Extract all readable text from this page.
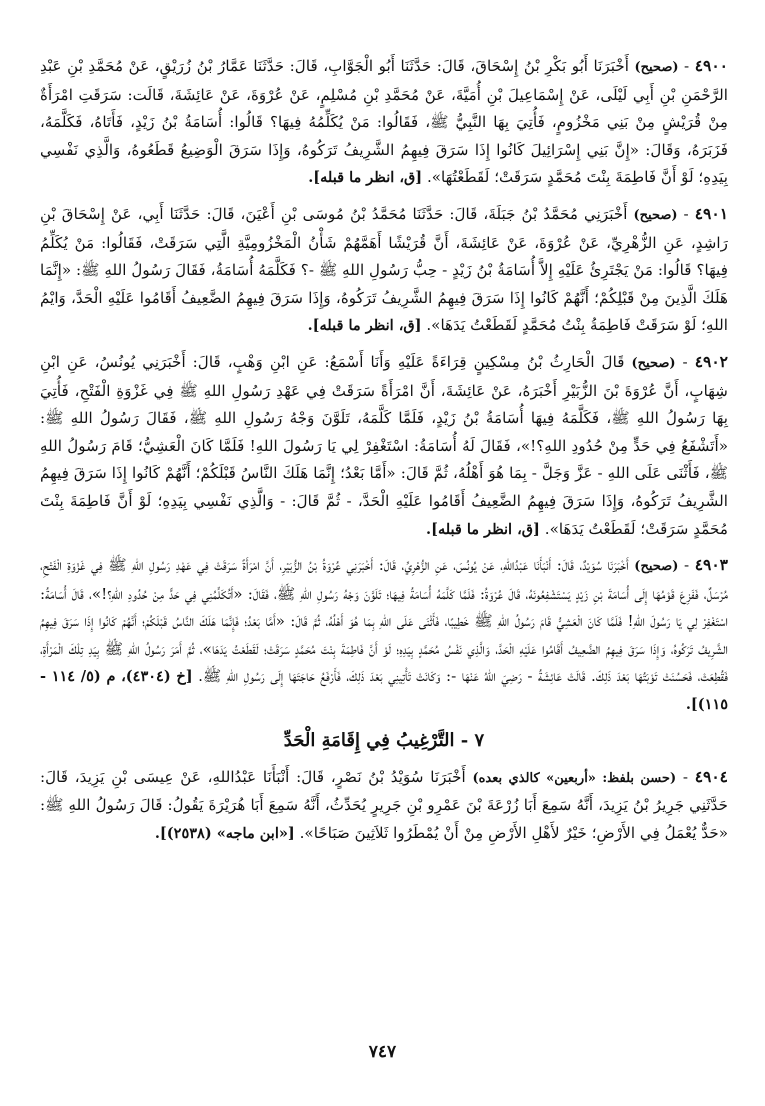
٤٩٠٠ - (صحيح) أَخْبَرَنَا أَبُو بَكْرِ بْنُ إِسْحَاقَ، قَالَ: حَدَّثَنَا أَبُو الْجَوَّابِ، قَالَ: حَدَّثَنَا عَمَّارُ بْنُ زُرَيْقٍ، عَنْ مُحَمَّدِ بْنِ عَبْدِ الرَّحْمَنِ بْنِ أَبِي لَيْلَى، عَنْ إِسْمَاعِيلَ بْنِ أُمَيَّةَ، عَنْ مُحَمَّدِ بْنِ مُسْلِمٍ، عَنْ عُرْوَةَ، عَنْ عَائِشَةَ، قَالَت: سَرَقَتِ امْرَأَةٌ مِنْ قُرَيْشٍ مِنْ بَنِي مَخْزُومٍ، فَأُتِيَ بِهَا النَّبِيُّ ﷺ، فَقَالُوا: مَنْ يُكَلِّمُهُ فِيهَا؟ قَالُوا: أُسَامَةُ بْنُ زَيْدٍ، فَأَتَاهُ، فَكَلَّمَهُ، فَزَبَرَهُ، وَقَالَ: «إِنَّ بَنِي إِسْرَائِيلَ كَانُوا إِذَا سَرَقَ فِيهِمُ الشَّرِيفُ تَرَكُوهُ، وَإِذَا سَرَقَ الْوَضِيعُ قَطَعُوهُ، وَالَّذِي نَفْسِي بِيَدِهِ؛ لَوْ أَنَّ فَاطِمَةَ بِنْتَ مُحَمَّدٍ سَرَقَتْ؛ لَقَطَعْتُهَا». [ق، انظر ما قبله].

٤٩٠١ - (صحيح) أَخْبَرَنِي مُحَمَّدُ بْنُ جَبَلَةَ، قَالَ: حَدَّثَنَا مُحَمَّدُ بْنُ مُوسَى بْنِ أَعْيَنَ، قَالَ: حَدَّثَنَا أَبِي، عَنْ إِسْحَاقَ بْنِ رَاشِدٍ، عَنِ الزُّهْرِيِّ، عَنْ عُرْوَةَ، عَنْ عَائِشَةَ، أَنَّ قُرَيْشًا أَهَمَّهُمْ شَأْنُ الْمَخْزُومِيَّةِ الَّتِي سَرَقَتْ، فَقَالُوا: مَنْ يُكَلِّمُ فِيهَا؟ قَالُوا: مَنْ يَجْتَرِئُ عَلَيْهِ إِلاَّ أُسَامَةُ بْنُ زَيْدٍ - حِبُّ رَسُولِ اللهِ ﷺ -؟ فَكَلَّمَهُ أُسَامَةُ، فَقَالَ رَسُولُ اللهِ ﷺ: «إِنَّمَا هَلَكَ الَّذِينَ مِنْ قَبْلِكُمْ؛ أَنَّهُمْ كَانُوا إِذَا سَرَقَ فِيهِمُ الشَّرِيفُ تَرَكُوهُ، وَإِذَا سَرَقَ فِيهِمُ الضَّعِيفُ أَقَامُوا عَلَيْهِ الْحَدَّ، وَايْمُ اللهِ؛ لَوْ سَرَقَتْ فَاطِمَةُ بِنْتُ مُحَمَّدٍ لَقَطَعْتُ يَدَهَا». [ق، انظر ما قبله].

٤٩٠٢ - (صحيح) قَالَ الْحَارِثُ بْنُ مِسْكِينٍ قِرَاءَةً عَلَيْهِ وَأَنَا أَسْمَعُ: عَنِ ابْنِ وَهْبٍ، قَالَ: أَخْبَرَنِي يُونُسُ، عَنِ ابْنِ شِهَابٍ، أَنَّ عُرْوَةَ بْنَ الزُّبَيْرِ أَخْبَرَهُ، عَنْ عَائِشَةَ، أَنَّ امْرَأَةً سَرَقَتْ فِي عَهْدِ رَسُولِ اللهِ ﷺ فِي غَزْوَةِ الْفَتْحِ، فَأُتِيَ بِهَا رَسُولُ اللهِ ﷺ، فَكَلَّمَهُ فِيهَا أُسَامَةُ بْنُ زَيْدٍ، فَلَمَّا كَلَّمَهُ، تَلَوَّنَ وَجْهُ رَسُولِ اللهِ ﷺ، فَقَالَ رَسُولُ اللهِ ﷺ: «أَتَشْفَعُ فِي حَدٍّ مِنْ حُدُودِ اللهِ؟!»، فَقَالَ لَهُ أُسَامَةُ: اسْتَغْفِرْ لِي يَا رَسُولَ اللهِ! فَلَمَّا كَانَ الْعَشِيُّ؛ قَامَ رَسُولُ اللهِ ﷺ، فَأَثْنَى عَلَى اللهِ - عَزَّ وَجَلَّ - بِمَا هُوَ أَهْلُهُ، ثُمَّ قَالَ: «أَمَّا بَعْدُ؛ إِنَّمَا هَلَكَ النَّاسُ قَبْلَكُمْ؛ أَنَّهُمْ كَانُوا إِذَا سَرَقَ فِيهِمُ الشَّرِيفُ تَرَكُوهُ، وَإِذَا سَرَقَ فِيهِمُ الضَّعِيفُ أَقَامُوا عَلَيْهِ الْحَدَّ، - ثُمَّ قَالَ: - وَالَّذِي نَفْسِي بِيَدِهِ؛ لَوْ أَنَّ فَاطِمَةَ بِنْتَ مُحَمَّدٍ سَرَقَتْ؛ لَقَطَعْتُ يَدَهَا». [ق، انظر ما قبله].

٤٩٠٣ - (صحيح) أَخْبَرَنَا سُوَيْدٌ، قَالَ: أَنْبَأَنَا عَبْدُاللهِ، عَنْ يُونُسَ، عَنِ الزُّهْرِيِّ، قَالَ: أَخْبَرَنِي عُرْوَةُ بْنُ الزُّبَيْرِ، أَنَّ امْرَأَةً سَرَقَتْ فِي عَهْدِ رَسُولِ اللهِ ﷺ فِي غَزْوَةِ الْفَتْحِ، مُرْسَلٌ، فَفَزِعَ قَوْمُهَا إِلَى أُسَامَةَ بْنِ زَيْدٍ يَسْتَشْفِعُونَهُ، قَالَ عُرْوَةُ: فَلَمَّا كَلَّمَهُ أُسَامَةُ فِيهَا؛ تَلَوَّنَ وَجْهُ رَسُولِ اللهِ ﷺ، فَقَالَ: «أَتُكَلِّمُنِي فِي حَدٍّ مِنْ حُدُودِ اللهِ؟!»، قَالَ أُسَامَةُ: اسْتَغْفِرْ لِي يَا رَسُولَ اللهِ! فَلَمَّا كَانَ الْعَشِيُّ قَامَ رَسُولُ اللهِ ﷺ خَطِيبًا، فَأَثْنَى عَلَى اللهِ بِمَا هُوَ أَهْلُهُ، ثُمَّ قَالَ: «أَمَّا بَعْدُ؛ فَإِنَّمَا هَلَكَ النَّاسُ قَبْلَكُمْ؛ أَنَّهُمْ كَانُوا إِذَا سَرَقَ فِيهِمُ الشَّرِيفُ تَرَكُوهُ، وَإِذَا سَرَقَ فِيهِمُ الضَّعِيفُ أَقَامُوا عَلَيْهِ الْحَدَّ، وَالَّذِي نَفْسُ مُحَمَّدٍ بِيَدِهِ؛ لَوْ أَنَّ فَاطِمَةَ بِنْتَ مُحَمَّدٍ سَرَقَتْ؛ لَقَطَعْتُ يَدَهَا»، ثُمَّ أَمَرَ رَسُولُ اللهِ ﷺ بِيَدِ تِلْكَ الْمَرْأَةِ، فَقُطِعَتْ، فَحَسُنَتْ تَوْبَتُهَا بَعْدَ ذَلِكَ. قَالَتْ عَائِشَةُ - رَضِيَ اللهُ عَنْهَا -: وَكَانَتْ تَأْتِينِي بَعْدَ ذَلِكَ، فَأَرْفَعُ حَاجَتَهَا إِلَى رَسُولِ اللهِ ﷺ. [خ (٤٣٠٤)، م (٥/ ١١٤ - ١١٥)].

٧ - التَّرْغِيبُ فِي إِقَامَةِ الْحَدِّ

٤٩٠٤ - (حسن بلفظ: «أربعين» كالذي بعده) أَخْبَرَنَا سُوَيْدُ بْنُ نَصْرٍ، قَالَ: أَنْبَأَنَا عَبْدُاللهِ، عَنْ عِيسَى بْنِ يَزِيدَ، قَالَ: حَدَّثَنِي جَرِيرُ بْنُ يَزِيدَ، أَنَّهُ سَمِعَ أَبَا زُرْعَةَ بْنَ عَمْرِو بْنِ جَرِيرٍ يُحَدِّثُ، أَنَّهُ سَمِعَ أَبَا هُرَيْرَةَ يَقُولُ: قَالَ رَسُولُ اللهِ ﷺ: «حَدٌّ يُعْمَلُ فِي الأَرْضِ؛ خَيْرٌ لأَهْلِ الأَرْضِ مِنْ أَنْ يُمْطَرُوا ثَلاَثِينَ صَبَاحًا». [«ابن ماجه» (٢٥٣٨)].

٧٤٧
